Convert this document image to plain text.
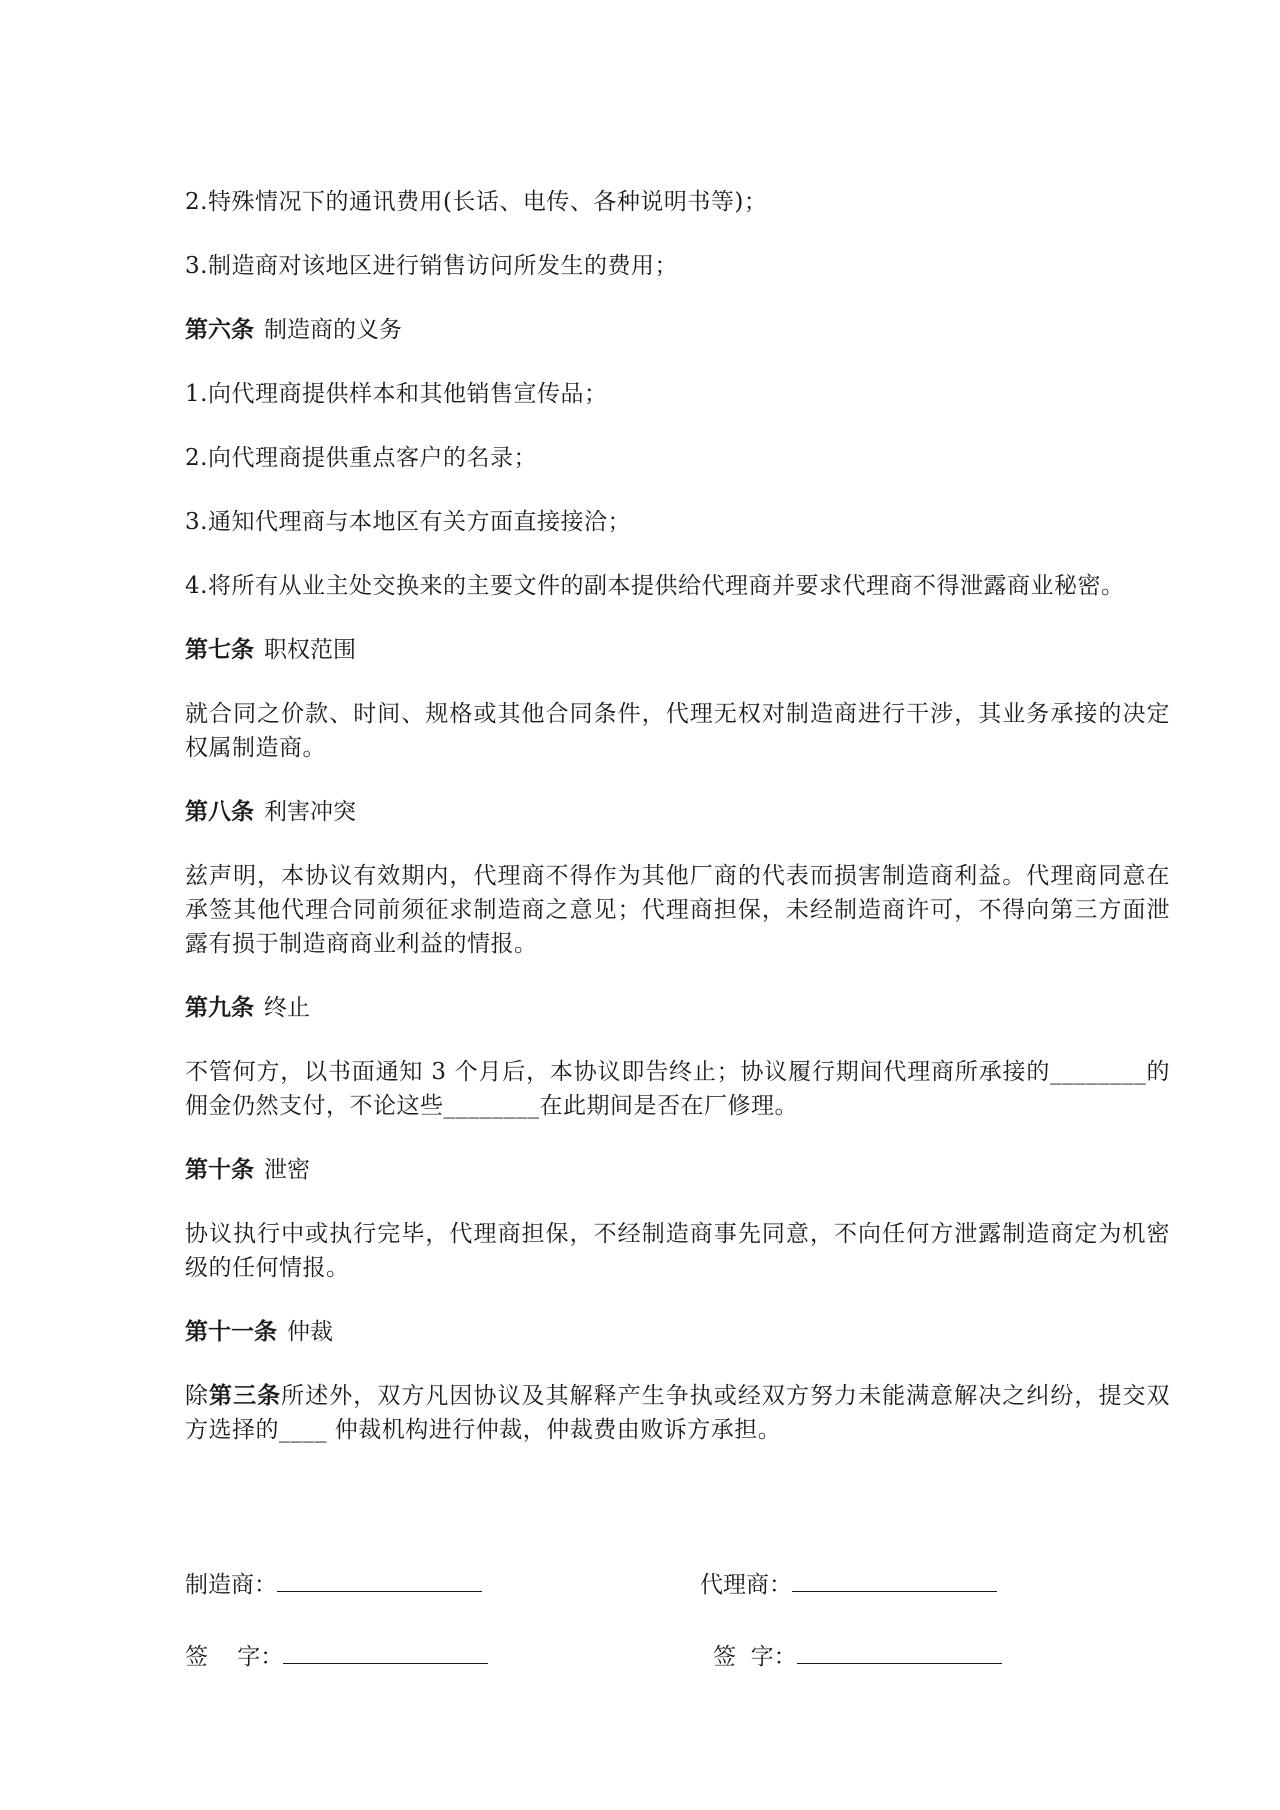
2.特殊情况下的通讯费用(长话、电传、各种说明书等)；

3.制造商对该地区进行销售访问所发生的费用；

第六条 制造商的义务

1.向代理商提供样本和其他销售宣传品；

2.向代理商提供重点客户的名录；

3.通知代理商与本地区有关方面直接接洽；

4.将所有从业主处交换来的主要文件的副本提供给代理商并要求代理商不得泄露商业秘密。

第七条 职权范围

就合同之价款、时间、规格或其他合同条件，代理无权对制造商进行干涉，其业务承接的决定权属制造商。

第八条 利害冲突

兹声明，本协议有效期内，代理商不得作为其他厂商的代表而损害制造商利益。代理商同意在承签其他代理合同前须征求制造商之意见；代理商担保，未经制造商许可，不得向第三方面泄露有损于制造商商业利益的情报。

第九条 终止

不管何方，以书面通知 3 个月后，本协议即告终止；协议履行期间代理商所承接的________的佣金仍然支付，不论这些________在此期间是否在厂修理。

第十条 泄密

协议执行中或执行完毕，代理商担保，不经制造商事先同意，不向任何方泄露制造商定为机密级的任何情报。

第十一条 仲裁

除第三条所述外，双方凡因协议及其解释产生争执或经双方努力未能满意解决之纠纷，提交双方选择的____ 仲裁机构进行仲裁，仲裁费由败诉方承担。

制造商：	代理商：
签    字：	签  字：
